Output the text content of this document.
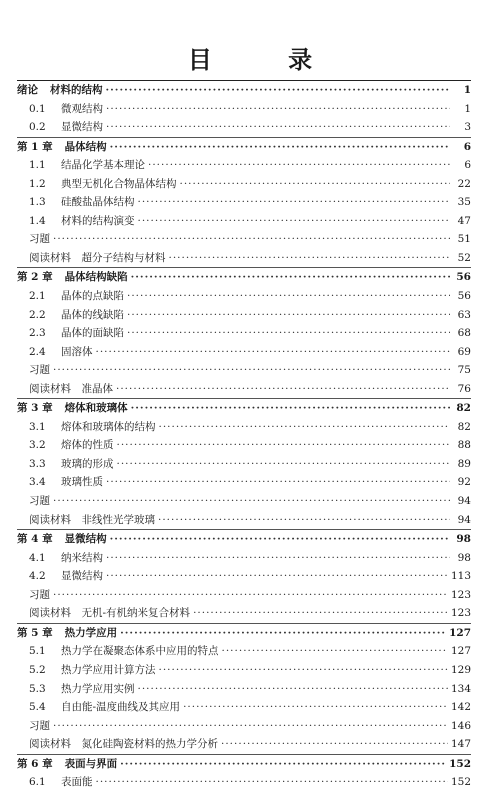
目 录
绪论 材料的结构 ·····	1
0.1	微观结构 ·····	1
0.2	显微结构 ·····	3
第 1 章 晶体结构 ·····	6
1.1	结晶化学基本理论 ·····	6
1.2	典型无机化合物晶体结构 ·····	22
1.3	硅酸盐晶体结构 ·····	35
1.4	材料的结构演变 ·····	47
习题 ·····	51
阅读材料　超分子结构与材料 ·····	52
第 2 章 晶体结构缺陷 ·····	56
2.1	晶体的点缺陷 ·····	56
2.2	晶体的线缺陷 ·····	63
2.3	晶体的面缺陷 ·····	68
2.4	固溶体 ·····	69
习题 ·····	75
阅读材料　准晶体 ·····	76
第 3 章 熔体和玻璃体 ·····	82
3.1	熔体和玻璃体的结构 ·····	82
3.2	熔体的性质 ·····	88
3.3	玻璃的形成 ·····	89
3.4	玻璃性质 ·····	92
习题 ·····	94
阅读材料　非线性光学玻璃 ·····	94
第 4 章 显微结构 ·····	98
4.1	纳米结构 ·····	98
4.2	显微结构 ·····	113
习题 ·····	123
阅读材料　无机-有机纳米复合材料 ·····	123
第 5 章 热力学应用 ·····	127
5.1	热力学在凝聚态体系中应用的特点 ·····	127
5.2	热力学应用计算方法 ·····	129
5.3	热力学应用实例 ·····	134
5.4	自由能-温度曲线及其应用 ·····	142
习题 ·····	146
阅读材料　氮化硅陶瓷材料的热力学分析 ·····	147
第 6 章 表面与界面 ·····	152
6.1	表面能 ·····	152
